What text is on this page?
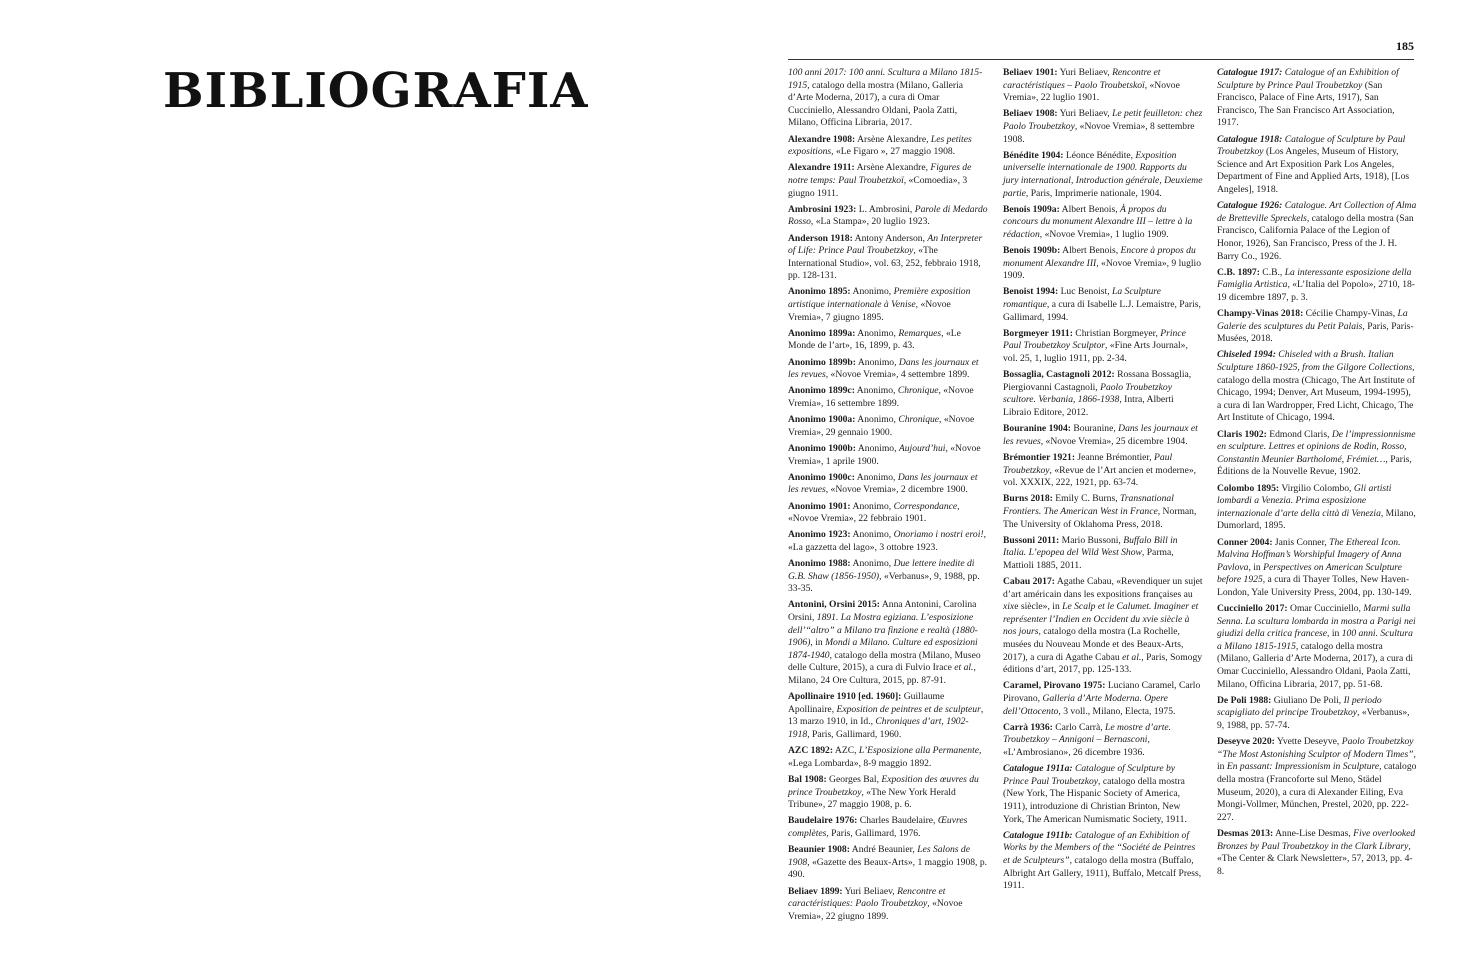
BIBLIOGRAFIA
185

100 anni 2017: 100 anni. Scultura a Milano 1815-1915, catalogo della mostra (Milano, Galleria d’Arte Moderna, 2017), a cura di Omar Cucciniello, Alessandro Oldani, Paola Zatti, Milano, Officina Libraria, 2017.

Alexandre 1908: Arsène Alexandre, Les petites expositions, «Le Figaro », 27 maggio 1908.

Alexandre 1911: Arsène Alexandre, Figures de notre temps: Paul Troubetzkoï, «Comoedia», 3 giugno 1911.

Ambrosini 1923: L. Ambrosini, Parole di Medardo Rosso, «La Stampa», 20 luglio 1923.

Anderson 1918: Antony Anderson, An Interpreter of Life: Prince Paul Troubetzkoy, «The International Studio», vol. 63, 252, febbraio 1918, pp. 128-131.

Anonimo 1895: Anonimo, Première exposition artistique internationale à Venise, «Novoe Vremia», 7 giugno 1895.

Anonimo 1899a: Anonimo, Remarques, «Le Monde de l’art», 16, 1899, p. 43.

Anonimo 1899b: Anonimo, Dans les journaux et les revues, «Novoe Vremia», 4 settembre 1899.

Anonimo 1899c: Anonimo, Chronique, «Novoe Vremia», 16 settembre 1899.

Anonimo 1900a: Anonimo, Chronique, «Novoe Vremia», 29 gennaio 1900.

Anonimo 1900b: Anonimo, Aujourd’hui, «Novoe Vremia», 1 aprile 1900.

Anonimo 1900c: Anonimo, Dans les journaux et les revues, «Novoe Vremia», 2 dicembre 1900.

Anonimo 1901: Anonimo, Correspondance, «Novoe Vremia», 22 febbraio 1901.

Anonimo 1923: Anonimo, Onoriamo i nostri eroi!, «La gazzetta del lago», 3 ottobre 1923.

Anonimo 1988: Anonimo, Due lettere inedite di G.B. Shaw (1856-1950), «Verbanus», 9, 1988, pp. 33-35.

Antonini, Orsini 2015: Anna Antonini, Carolina Orsini, 1891. La Mostra egiziana. L’esposizione dell’“altro” a Milano tra finzione e realtà (1880-1906), in Mondi a Milano. Culture ed esposizioni 1874-1940, catalogo della mostra (Milano, Museo delle Culture, 2015), a cura di Fulvio Irace et al., Milano, 24 Ore Cultura, 2015, pp. 87-91.

Apollinaire 1910 [ed. 1960]: Guillaume Apollinaire, Exposition de peintres et de sculpteur, 13 marzo 1910, in Id., Chroniques d’art, 1902-1918, Paris, Gallimard, 1960.

AZC 1892: AZC, L’Esposizione alla Permanente, «Lega Lombarda», 8-9 maggio 1892.

Bal 1908: Georges Bal, Exposition des œuvres du prince Troubetzkoy, «The New York Herald Tribune», 27 maggio 1908, p. 6.

Baudelaire 1976: Charles Baudelaire, Œuvres complètes, Paris, Gallimard, 1976.

Beaunier 1908: André Beaunier, Les Salons de 1908, «Gazette des Beaux-Arts», 1 maggio 1908, p. 490.

Beliaev 1899: Yuri Beliaev, Rencontre et caractéristiques: Paolo Troubetzkoy, «Novoe Vremia», 22 giugno 1899.

Beliaev 1901: Yuri Beliaev, Rencontre et caractéristiques – Paolo Troubetskoï, «Novoe Vremia», 22 luglio 1901.

Beliaev 1908: Yuri Beliaev, Le petit feuilleton: chez Paolo Troubetzkoy, «Novoe Vremia», 8 settembre 1908.

Bénédite 1904: Léonce Bénédite, Exposition universelle internationale de 1900. Rapports du jury international, Introduction générale, Deuxieme partie, Paris, Imprimerie nationale, 1904.

Benois 1909a: Albert Benois, À propos du concours du monument Alexandre III – lettre à la rédaction, «Novoe Vremia», 1 luglio 1909.

Benois 1909b: Albert Benois, Encore à propos du monument Alexandre III, «Novoe Vremia», 9 luglio 1909.

Benoist 1994: Luc Benoist, La Sculpture romantique, a cura di Isabelle L.J. Lemaistre, Paris, Gallimard, 1994.

Borgmeyer 1911: Christian Borgmeyer, Prince Paul Troubetzkoy Sculptor, «Fine Arts Journal», vol. 25, 1, luglio 1911, pp. 2-34.

Bossaglia, Castagnoli 2012: Rossana Bossaglia, Piergiovanni Castagnoli, Paolo Troubetzkoy scultore. Verbania, 1866-1938, Intra, Alberti Libraio Editore, 2012.

Bouranine 1904: Bouranine, Dans les journaux et les revues, «Novoe Vremia», 25 dicembre 1904.

Brémontier 1921: Jeanne Brémontier, Paul Troubetzkoy, «Revue de l’Art ancien et moderne», vol. XXXIX, 222, 1921, pp. 63-74.

Burns 2018: Emily C. Burns, Transnational Frontiers. The American West in France, Norman, The University of Oklahoma Press, 2018.

Bussoni 2011: Mario Bussoni, Buffalo Bill in Italia. L’epopea del Wild West Show, Parma, Mattioli 1885, 2011.

Cabau 2017: Agathe Cabau, «Revendiquer un sujet d’art américain dans les expositions françaises au xixe siècle», in Le Scalp et le Calumet. Imaginer et représenter l’Indien en Occident du xvie siècle à nos jours, catalogo della mostra (La Rochelle, musées du Nouveau Monde et des Beaux-Arts, 2017), a cura di Agathe Cabau et al., Paris, Somogy éditions d’art, 2017, pp. 125-133.

Caramel, Pirovano 1975: Luciano Caramel, Carlo Pirovano, Galleria d’Arte Moderna. Opere dell’Ottocento, 3 voll., Milano, Electa, 1975.

Carrà 1936: Carlo Carrà, Le mostre d’arte. Troubetzkoy – Annigoni – Bernasconi, «L’Ambrosiano», 26 dicembre 1936.

Catalogue 1911a: Catalogue of Sculpture by Prince Paul Troubetzkoy, catalogo della mostra (New York, The Hispanic Society of America, 1911), introduzione di Christian Brinton, New York, The American Numismatic Society, 1911.

Catalogue 1911b: Catalogue of an Exhibition of Works by the Members of the “Société de Peintres et de Sculpteurs”, catalogo della mostra (Buffalo, Albright Art Gallery, 1911), Buffalo, Metcalf Press, 1911.

Catalogue 1917: Catalogue of an Exhibition of Sculpture by Prince Paul Troubetzkoy (San Francisco, Palace of Fine Arts, 1917), San Francisco, The San Francisco Art Association, 1917.

Catalogue 1918: Catalogue of Sculpture by Paul Troubetzkoy (Los Angeles, Museum of History, Science and Art Exposition Park Los Angeles, Department of Fine and Applied Arts, 1918), [Los Angeles], 1918.

Catalogue 1926: Catalogue. Art Collection of Alma de Bretteville Spreckels, catalogo della mostra (San Francisco, California Palace of the Legion of Honor, 1926), San Francisco, Press of the J. H. Barry Co., 1926.

C.B. 1897: C.B., La interessante esposizione della Famiglia Artistica, «L’Italia del Popolo», 2710, 18-19 dicembre 1897, p. 3.

Champy-Vinas 2018: Cécilie Champy-Vinas, La Galerie des sculptures du Petit Palais, Paris, Paris-Musées, 2018.

Chiseled 1994: Chiseled with a Brush. Italian Sculpture 1860-1925, from the Gilgore Collections, catalogo della mostra (Chicago, The Art Institute of Chicago, 1994; Denver, Art Museum, 1994-1995), a cura di Ian Wardropper, Fred Licht, Chicago, The Art Institute of Chicago, 1994.

Claris 1902: Edmond Claris, De l’impressionnisme en sculpture. Lettres et opinions de Rodin, Rosso, Constantin Meunier Bartholomé, Frémiet…, Paris, Éditions de la Nouvelle Revue, 1902.

Colombo 1895: Virgilio Colombo, Gli artisti lombardi a Venezia. Prima esposizione internazionale d’arte della città di Venezia, Milano, Dumorlard, 1895.

Conner 2004: Janis Conner, The Ethereal Icon. Malvina Hoffman’s Worshipful Imagery of Anna Pavlova, in Perspectives on American Sculpture before 1925, a cura di Thayer Tolles, New Haven-London, Yale University Press, 2004, pp. 130-149.

Cucciniello 2017: Omar Cucciniello, Marmi sulla Senna. La scultura lombarda in mostra a Parigi nei giudizi della critica francese, in 100 anni. Scultura a Milano 1815-1915, catalogo della mostra (Milano, Galleria d’Arte Moderna, 2017), a cura di Omar Cucciniello, Alessandro Oldani, Paola Zatti, Milano, Officina Libraria, 2017, pp. 51-68.

De Poli 1988: Giuliano De Poli, Il periodo scapigliato del principe Troubetzkoy, «Verbanus», 9, 1988, pp. 57-74.

Deseyve 2020: Yvette Deseyve, Paolo Troubetzkoy “The Most Astonishing Sculptor of Modern Times”, in En passant: Impressionism in Sculpture, catalogo della mostra (Francoforte sul Meno, Städel Museum, 2020), a cura di Alexander Eiling, Eva Mongi-Vollmer, München, Prestel, 2020, pp. 222-227.

Desmas 2013: Anne-Lise Desmas, Five overlooked Bronzes by Paul Troubetzkoy in the Clark Library, «The Center & Clark Newsletter», 57, 2013, pp. 4-8.
